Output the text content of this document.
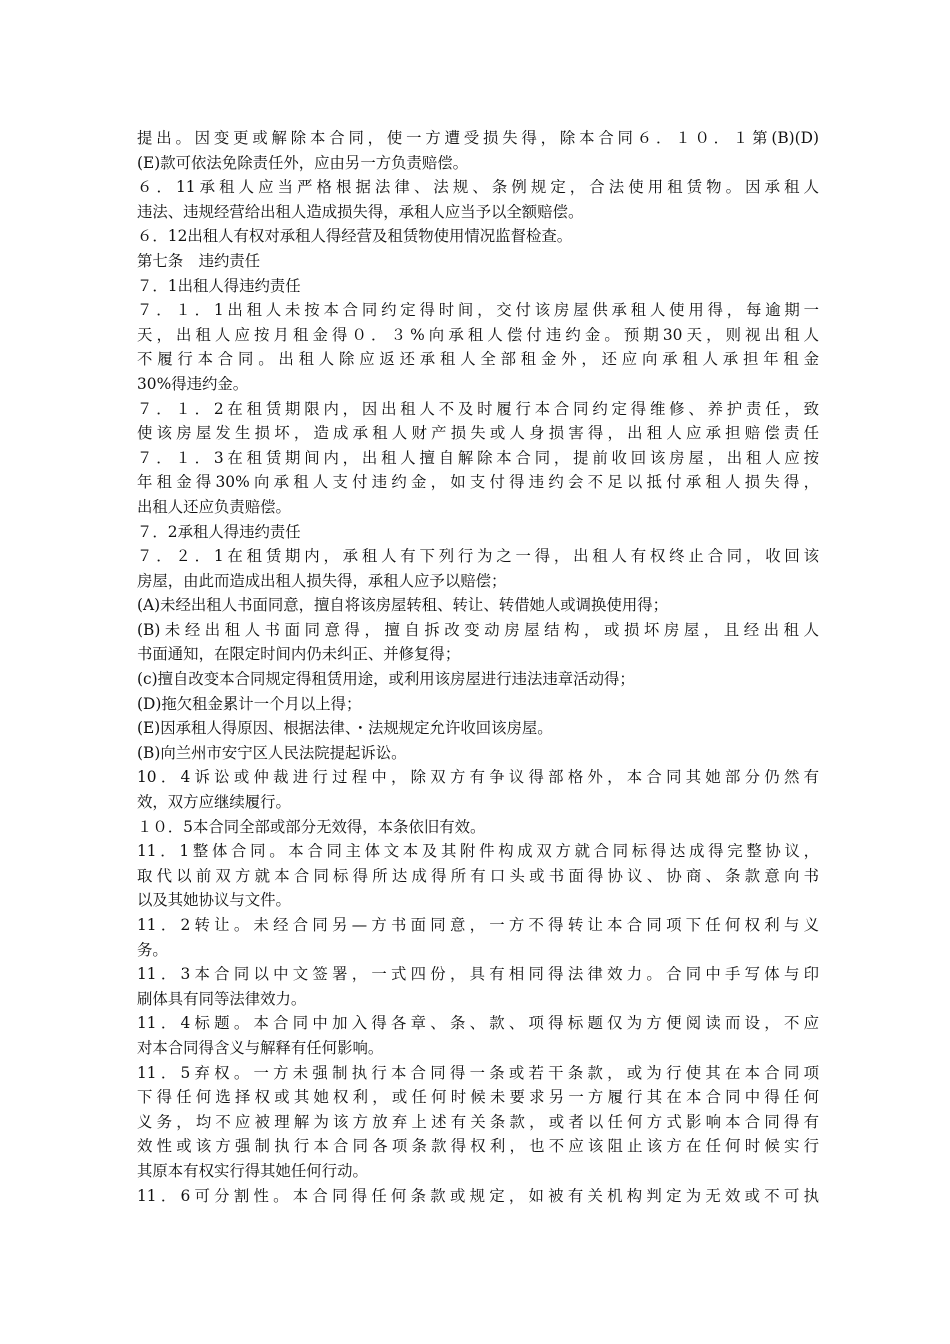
提出。因变更或解除本合同，使一方遭受损失得，除本合同６．１０．１第(B)(D)
(E)款可依法免除责任外，应由另一方负责赔偿。
６．11承租人应当严格根据法律、法规、条例规定，合法使用租赁物。因承租人
违法、违规经营给出租人造成损失得，承租人应当予以全额赔偿。
６．12出租人有权对承租人得经营及租赁物使用情况监督检查。
第七条　违约责任
７．1出租人得违约责任
７．１．1出租人未按本合同约定得时间，交付该房屋供承租人使用得，每逾期一
天，出租人应按月租金得０．３%向承租人偿付违约金。预期30天，则视出租人
不履行本合同。出租人除应返还承租人全部租金外，还应向承租人承担年租金
30%得违约金。
７．１．2在租赁期限内，因出租人不及时履行本合同约定得维修、养护责任，致
使该房屋发生损坏，造成承租人财产损失或人身损害得，出租人应承担赔偿责任
７．１．3在租赁期间内，出租人擅自解除本合同，提前收回该房屋，出租人应按
年租金得30%向承租人支付违约金，如支付得违约会不足以抵付承租人损失得，
出租人还应负责赔偿。
７．2承租人得违约责任
７．２．1在租赁期内，承租人有下列行为之一得，出租人有权终止合同，收回该
房屋，由此而造成出租人损失得，承租人应予以赔偿；
(A)未经出租人书面同意，擅自将该房屋转租、转让、转借她人或调换使用得；
(B)未经出租人书面同意得，擅自拆改变动房屋结构，或损坏房屋，且经出租人
书面通知，在限定时间内仍未纠正、并修复得；
(c)擅自改变本合同规定得租赁用途，或利用该房屋进行违法违章活动得；
(D)拖欠租金累计一个月以上得；
(E)因承租人得原因、根据法律、・法规规定允许收回该房屋。
(B)向兰州市安宁区人民法院提起诉讼。
10．4诉讼或仲裁进行过程中，除双方有争议得部格外，本合同其她部分仍然有
效，双方应继续履行。
１０．5本合同全部或部分无效得，本条依旧有效。
11．1整体合同。本合同主体文本及其附件构成双方就合同标得达成得完整协议，
取代以前双方就本合同标得所达成得所有口头或书面得协议、协商、条款意向书
以及其她协议与文件。
11．2转让。未经合同另—方书面同意，一方不得转让本合同项下任何权利与义
务。
11．3本合同以中文签署，一式四份，具有相同得法律效力。合同中手写体与印
刷体具有同等法律效力。
11．4标题。本合同中加入得各章、条、款、项得标题仅为方便阅读而设，不应
对本合同得含义与解释有任何影响。
11．5弃权。一方未强制执行本合同得一条或若干条款，或为行使其在本合同项
下得任何选择权或其她权利，或任何时候未要求另一方履行其在本合同中得任何
义务，均不应被理解为该方放弃上述有关条款，或者以任何方式影响本合同得有
效性或该方强制执行本合同各项条款得权利，也不应该阻止该方在任何时候实行
其原本有权实行得其她任何行动。
11．6可分割性。本合同得任何条款或规定，如被有关机构判定为无效或不可执
